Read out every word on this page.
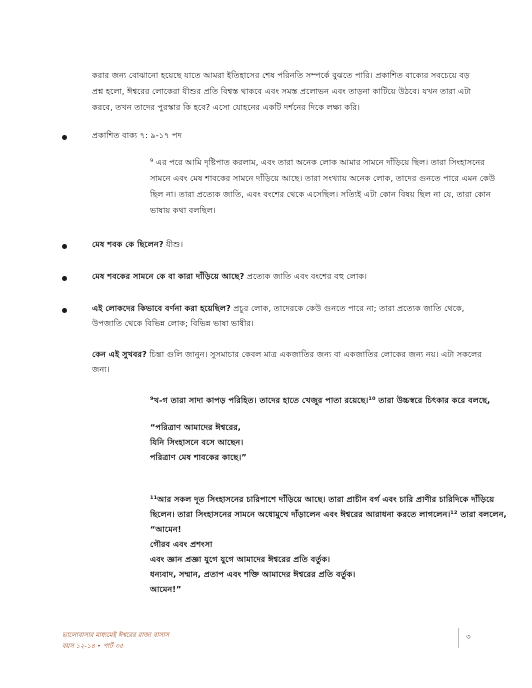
করার জন্য বোঝানো হয়েছে যাতে আমরা ইতিহাসের শেষ পরিনতি সম্পর্কে বুঝতে পারি। প্রকাশিত বাক্যের সবচেয়ে বড়

প্রশ্ন হলো, ঈশ্বরের লোকেরা যীশুর প্রতি বিশ্বস্ত থাকবে এবং সমস্ত প্রলোভন এবং তাড়না কাটিয়ে উঠবে। যখন তারা এটা

করবে, তখন তাদের পুরস্কার কি হবে? এসো যোহনের একটি দর্শনের দিকে লক্ষ্য করি।

প্রকাশিত বাক্য ৭: ৯-১৭ পদ

⁹ এর পরে আমি দৃষ্টিপাত করলাম, এবং তারা অনেক লোক আমার সামনে দাঁড়িয়ে ছিল। তারা সিংহাসনের

সামনে এবং মেষ শাবকের সামনে দাঁড়িয়ে আছে। তারা সংখ্যায় অনেক লোক, তাদের গুনতে পারে এমন কেউ

ছিল না। তারা প্রত্যেক জাতি, এবং বংশের থেকে এসেছিল। সত্যিই এটা কোন বিষয় ছিল না যে, তারা কোন

ভাষায় কথা বলছিল।

মেষ শবক কে ছিলেন? যীশু।

মেষ শবকের সামনে কে বা কারা দাঁড়িয়ে আছে? প্রত্যেক জাতি এবং বংশের বহু লোক।

এই লোকদের কিভাবে বর্ণনা করা হয়েছিল? প্রচুর লোক, তাদেরকে কেউ গুনতে পারে না; তারা প্রত্যেক জাতি থেকে,

উপজাতি থেকে বিভিন্ন লোক; বিভিন্ন ভাষা ভাষীর।

কেন এই সুখবর? চিন্তা গুলি জানুন। সুসমাচার কেবল মাত্র একজাতির জন্য বা একজাতির লোকের জন্য নয়। এটা সকলের

জন্য।

⁹খ-গ তারা সাদা কাপড় পরিহিত। তাদের হাতে খেজুর পাতা রয়েছে।¹⁰ তারা উচ্চস্বরে চিৎকার করে বলছে,

“পরিত্রাণ আমাদের ঈশ্বরের,

যিনি সিংহাসনে বসে আছেন।

পরিত্রাণ মেষ শাবকের কাছে।”

¹¹আর সকল দূত সিংহাসনের চারিপাশে দাঁড়িয়ে আছে। তারা প্রাচীন বর্গ এবং চারি প্রাণীর চারিদিকে দাঁড়িয়ে

ছিলেন। তারা সিংহাসনের সামনে অধোমুখে দাঁড়ালেন এবং ঈশ্বরের আরাধনা করতে লাগলেন।¹² তারা বললেন,

“আমেন!

গৌরব এবং প্রশংসা

এবং জ্ঞান প্রজ্ঞা যুগে যুগে আমাদের ঈশ্বরের প্রতি বর্তুক।

ধন্যবাদ, সম্মান, প্রতাপ এবং শক্তি আমাদের ঈশ্বরের প্রতি বর্তুক।

আমেন!”

ভালোবাসার মাধ্যমেই ঈশ্বরের রাজ্য বাসাস
বয়স ১২-১৪ • পার্ট ৩৫
৩
